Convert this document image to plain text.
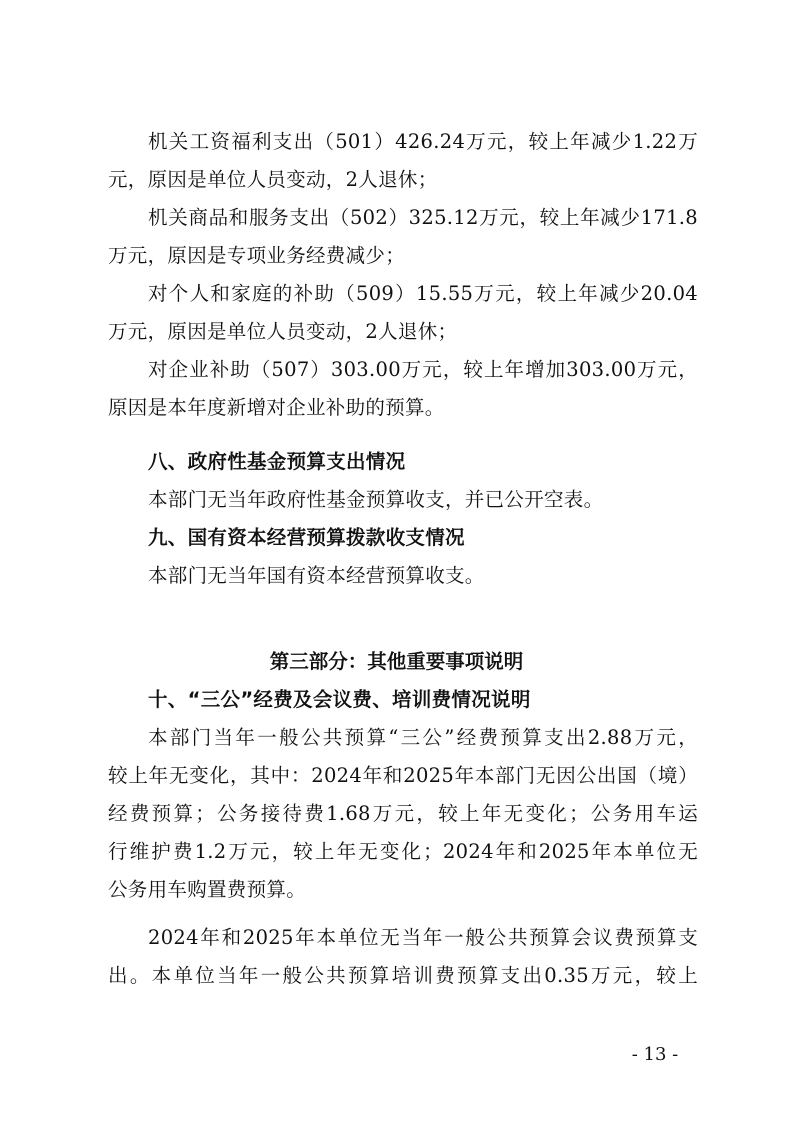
机关工资福利支出（501）426.24万元，较上年减少1.22万
元，原因是单位人员变动，2人退休；
机关商品和服务支出（502）325.12万元，较上年减少171.8
万元，原因是专项业务经费减少；
对个人和家庭的补助（509）15.55万元，较上年减少20.04
万元，原因是单位人员变动，2人退休；
对企业补助（507）303.00万元，较上年增加303.00万元，
原因是本年度新增对企业补助的预算。
八、政府性基金预算支出情况
本部门无当年政府性基金预算收支，并已公开空表。
九、国有资本经营预算拨款收支情况
本部门无当年国有资本经营预算收支。
第三部分：其他重要事项说明
十、“三公”经费及会议费、培训费情况说明
本部门当年一般公共预算“三公”经费预算支出2.88万元，
较上年无变化，其中：2024年和2025年本部门无因公出国（境）
经费预算；公务接待费1.68万元，较上年无变化；公务用车运
行维护费1.2万元，较上年无变化；2024年和2025年本单位无
公务用车购置费预算。
2024年和2025年本单位无当年一般公共预算会议费预算支
出。本单位当年一般公共预算培训费预算支出0.35万元，较上
- 13 -
